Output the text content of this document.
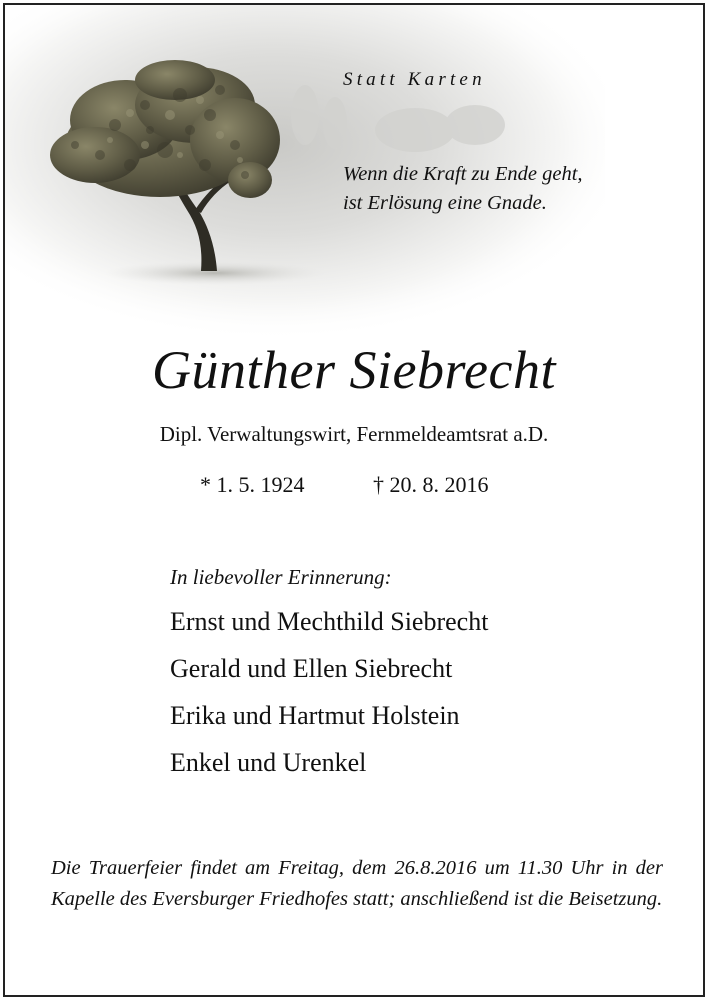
Statt Karten
Wenn die Kraft zu Ende geht,
ist Erlösung eine Gnade.
Günther Siebrecht
Dipl. Verwaltungswirt, Fernmeldeamtsrat a.D.
* 1. 5. 1924	† 20. 8. 2016
In liebevoller Erinnerung:
Ernst und Mechthild Siebrecht
Gerald und Ellen Siebrecht
Erika und Hartmut Holstein
Enkel und Urenkel
Die Trauerfeier findet am Freitag, dem 26.8.2016 um 11.30 Uhr in der Kapelle des Eversburger Friedhofes statt; anschließend ist die Beisetzung.
